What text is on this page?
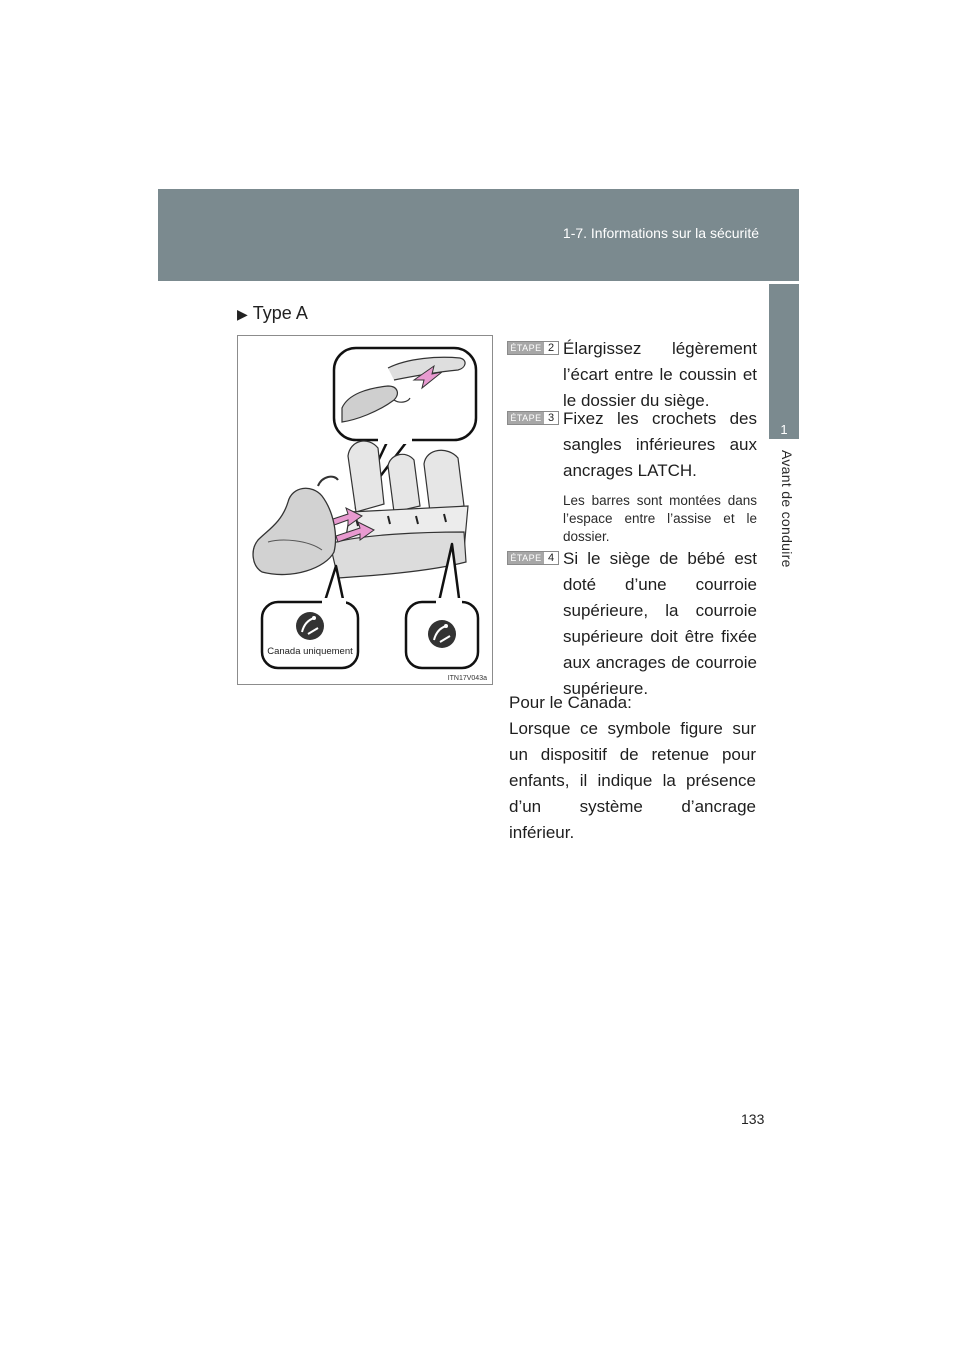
1-7. Informations sur la sécurité
1
Avant de conduire
▶ Type A
Canada uniquement
ITN17V043a
ÉTAPE 2 Élargissez légèrement l’écart entre le coussin et le dossier du siège.
ÉTAPE 3 Fixez les crochets des sangles inférieures aux ancrages LATCH.
Les barres sont montées dans l’espace entre l’assise et le dossier.
ÉTAPE 4 Si le siège de bébé est doté d’une courroie supérieure, la courroie supérieure doit être fixée aux ancrages de courroie supérieure.
Pour le Canada:
Lorsque ce symbole figure sur un dispositif de retenue pour enfants, il indique la présence d’un système d’ancrage inférieur.
133
